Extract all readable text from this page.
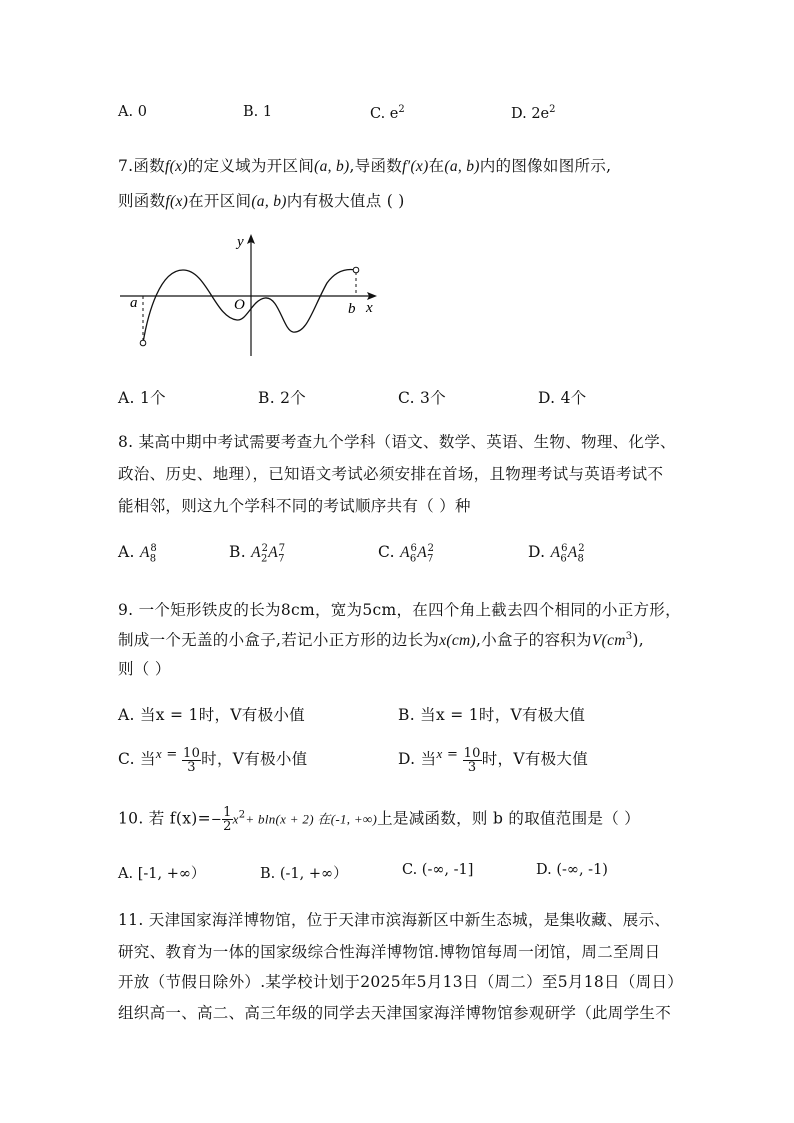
A. 0	B. 1	C. $e^2$	D. $2e^2$
7.函数f(x)的定义域为开区间(a, b),导函数f′(x)在(a, b)内的图像如图所示,
则函数f(x)在开区间(a, b)内有极大值点 ( )
y
x
O
a	b
A. 1个	B. 2个	C. 3个	D. 4个
8. 某高中期中考试需要考查九个学科（语文、数学、英语、生物、物理、化学、
政治、历史、地理），已知语文考试必须安排在首场，且物理考试与英语考试不
能相邻，则这九个学科不同的考试顺序共有（ ）种
A. $A_8^8$	B. $A_2^2A_7^7$	C. $A_6^6A_7^2$	D. $A_6^6A_8^2$
9. 一个矩形铁皮的长为8cm，宽为5cm，在四个角上截去四个相同的小正方形，
制成一个无盖的小盒子,若记小正方形的边长为x(cm),小盒子的容积为$V(cm^3)$,
则（ ）
A. 当x = 1时，V有极小值	B. 当x = 1时，V有极大值
C. 当$^x$ $^= \frac{10}{3}$ 时，V有极小值	D. 当$^x$ $^= \frac{10}{3}$ 时，V有极大值
10. 若 $f(x)=- \frac{1}{2} x^2+ bln(x + 2)$ 在(-1, +∞)上是减函数，则 b 的取值范围是（ ）
A. [-1, +∞）	B. (-1, +∞）	C. (-∞, -1]	D. (-∞, -1)
11. 天津国家海洋博物馆，位于天津市滨海新区中新生态城，是集收藏、展示、
研究、教育为一体的国家级综合性海洋博物馆.博物馆每周一闭馆，周二至周日
开放（节假日除外）.某学校计划于2025年5月13日（周二）至5月18日（周日）
组织高一、高二、高三年级的同学去天津国家海洋博物馆参观研学（此周学生不
